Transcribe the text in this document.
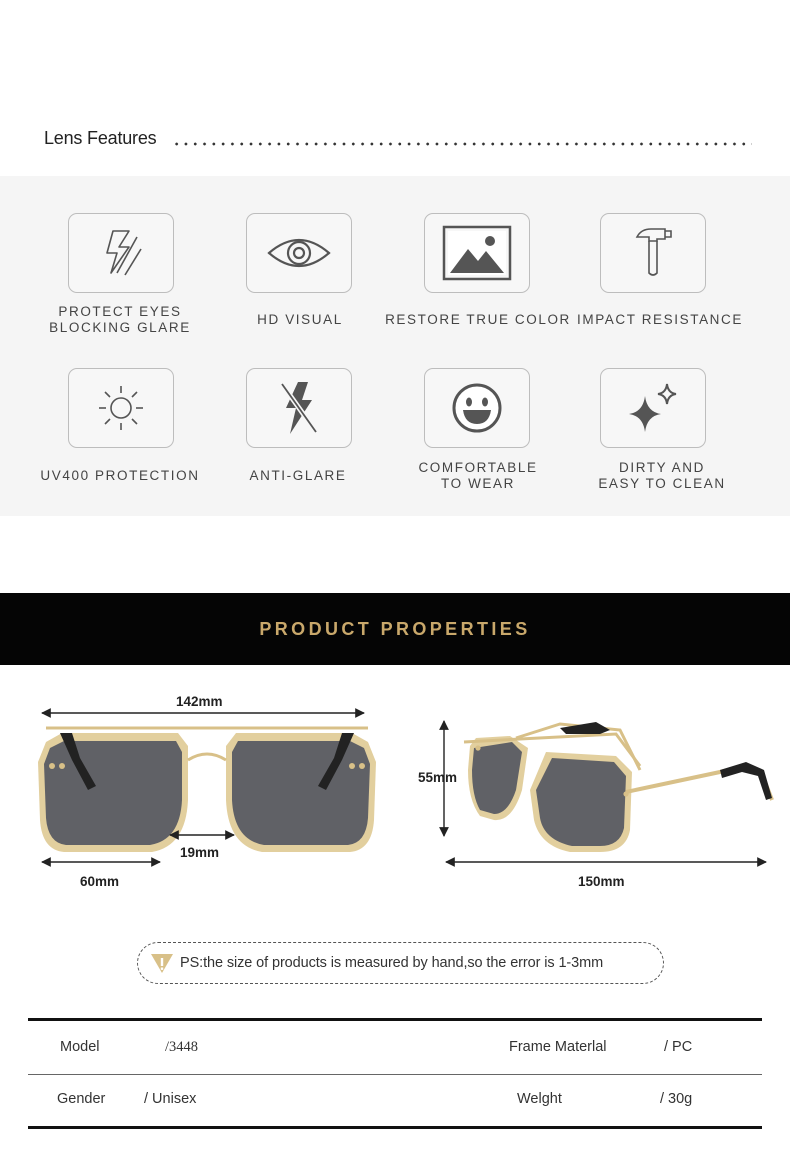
Lens Features
PROTECT EYES
BLOCKING GLARE	HD VISUAL	RESTORE TRUE COLOR IMPACT RESISTANCE
UV400 PROTECTION	ANTI-GLARE
COMFORTABLE
TO WEAR
DIRTY AND
EASY TO CLEAN
PRODUCT PROPERTIES
142mm
19mm
60mm
55mm
150mm
PS:the size of products is measured by hand,so the error is 1-3mm
Model	/3448	Frame Materlal	/ PC
Gender	/ Unisex	Welght	/ 30g
